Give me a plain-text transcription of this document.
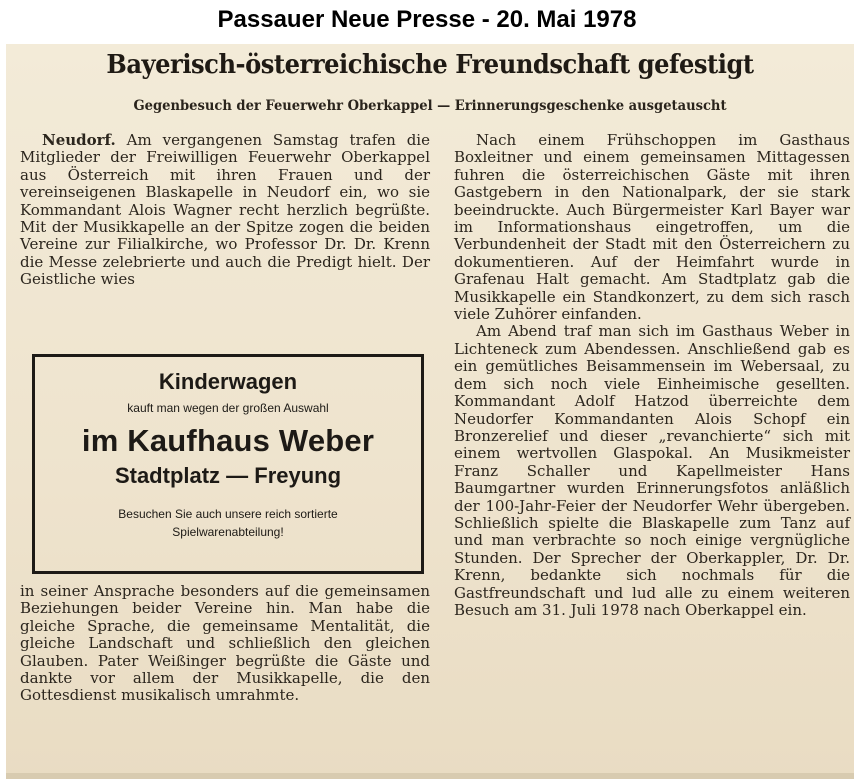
Passauer Neue Presse - 20. Mai 1978
Bayerisch-österreichische Freundschaft gefestigt
Gegenbesuch der Feuerwehr Oberkappel — Erinnerungsgeschenke ausgetauscht

Neudorf. Am vergangenen Samstag trafen die Mitglieder der Freiwilligen Feuerwehr Oberkappel aus Österreich mit ihren Frauen und der vereinseigenen Blaskapelle in Neudorf ein, wo sie Kommandant Alois Wagner recht herzlich begrüßte. Mit der Musikkapelle an der Spitze zogen die beiden Vereine zur Filialkirche, wo Professor Dr. Dr. Krenn die Messe zelebrierte und auch die Predigt hielt. Der Geistliche wies

Kinderwagen
kauft man wegen der großen Auswahl
im Kaufhaus Weber
Stadtplatz — Freyung
Besuchen Sie auch unsere reich sortierte
Spielwarenabteilung!

in seiner Ansprache besonders auf die gemeinsamen Beziehungen beider Vereine hin. Man habe die gleiche Sprache, die gemeinsame Mentalität, die gleiche Landschaft und schließlich den gleichen Glauben. Pater Weißinger begrüßte die Gäste und dankte vor allem der Musikkapelle, die den Gottesdienst musikalisch umrahmte.

Nach einem Frühschoppen im Gasthaus Boxleitner und einem gemeinsamen Mittagessen fuhren die österreichischen Gäste mit ihren Gastgebern in den Nationalpark, der sie stark beeindruckte. Auch Bürgermeister Karl Bayer war im Informationshaus eingetroffen, um die Verbundenheit der Stadt mit den Österreichern zu dokumentieren. Auf der Heimfahrt wurde in Grafenau Halt gemacht. Am Stadtplatz gab die Musikkapelle ein Standkonzert, zu dem sich rasch viele Zuhörer einfanden.

Am Abend traf man sich im Gasthaus Weber in Lichteneck zum Abendessen. Anschließend gab es ein gemütliches Beisammensein im Webersaal, zu dem sich noch viele Einheimische gesellten. Kommandant Adolf Hatzod überreichte dem Neudorfer Kommandanten Alois Schopf ein Bronzerelief und dieser „revanchierte“ sich mit einem wertvollen Glaspokal. An Musikmeister Franz Schaller und Kapellmeister Hans Baumgartner wurden Erinnerungsfotos anläßlich der 100-Jahr-Feier der Neudorfer Wehr übergeben. Schließlich spielte die Blaskapelle zum Tanz auf und man verbrachte so noch einige vergnügliche Stunden. Der Sprecher der Oberkappler, Dr. Dr. Krenn, bedankte sich nochmals für die Gastfreundschaft und lud alle zu einem weiteren Besuch am 31. Juli 1978 nach Oberkappel ein.
